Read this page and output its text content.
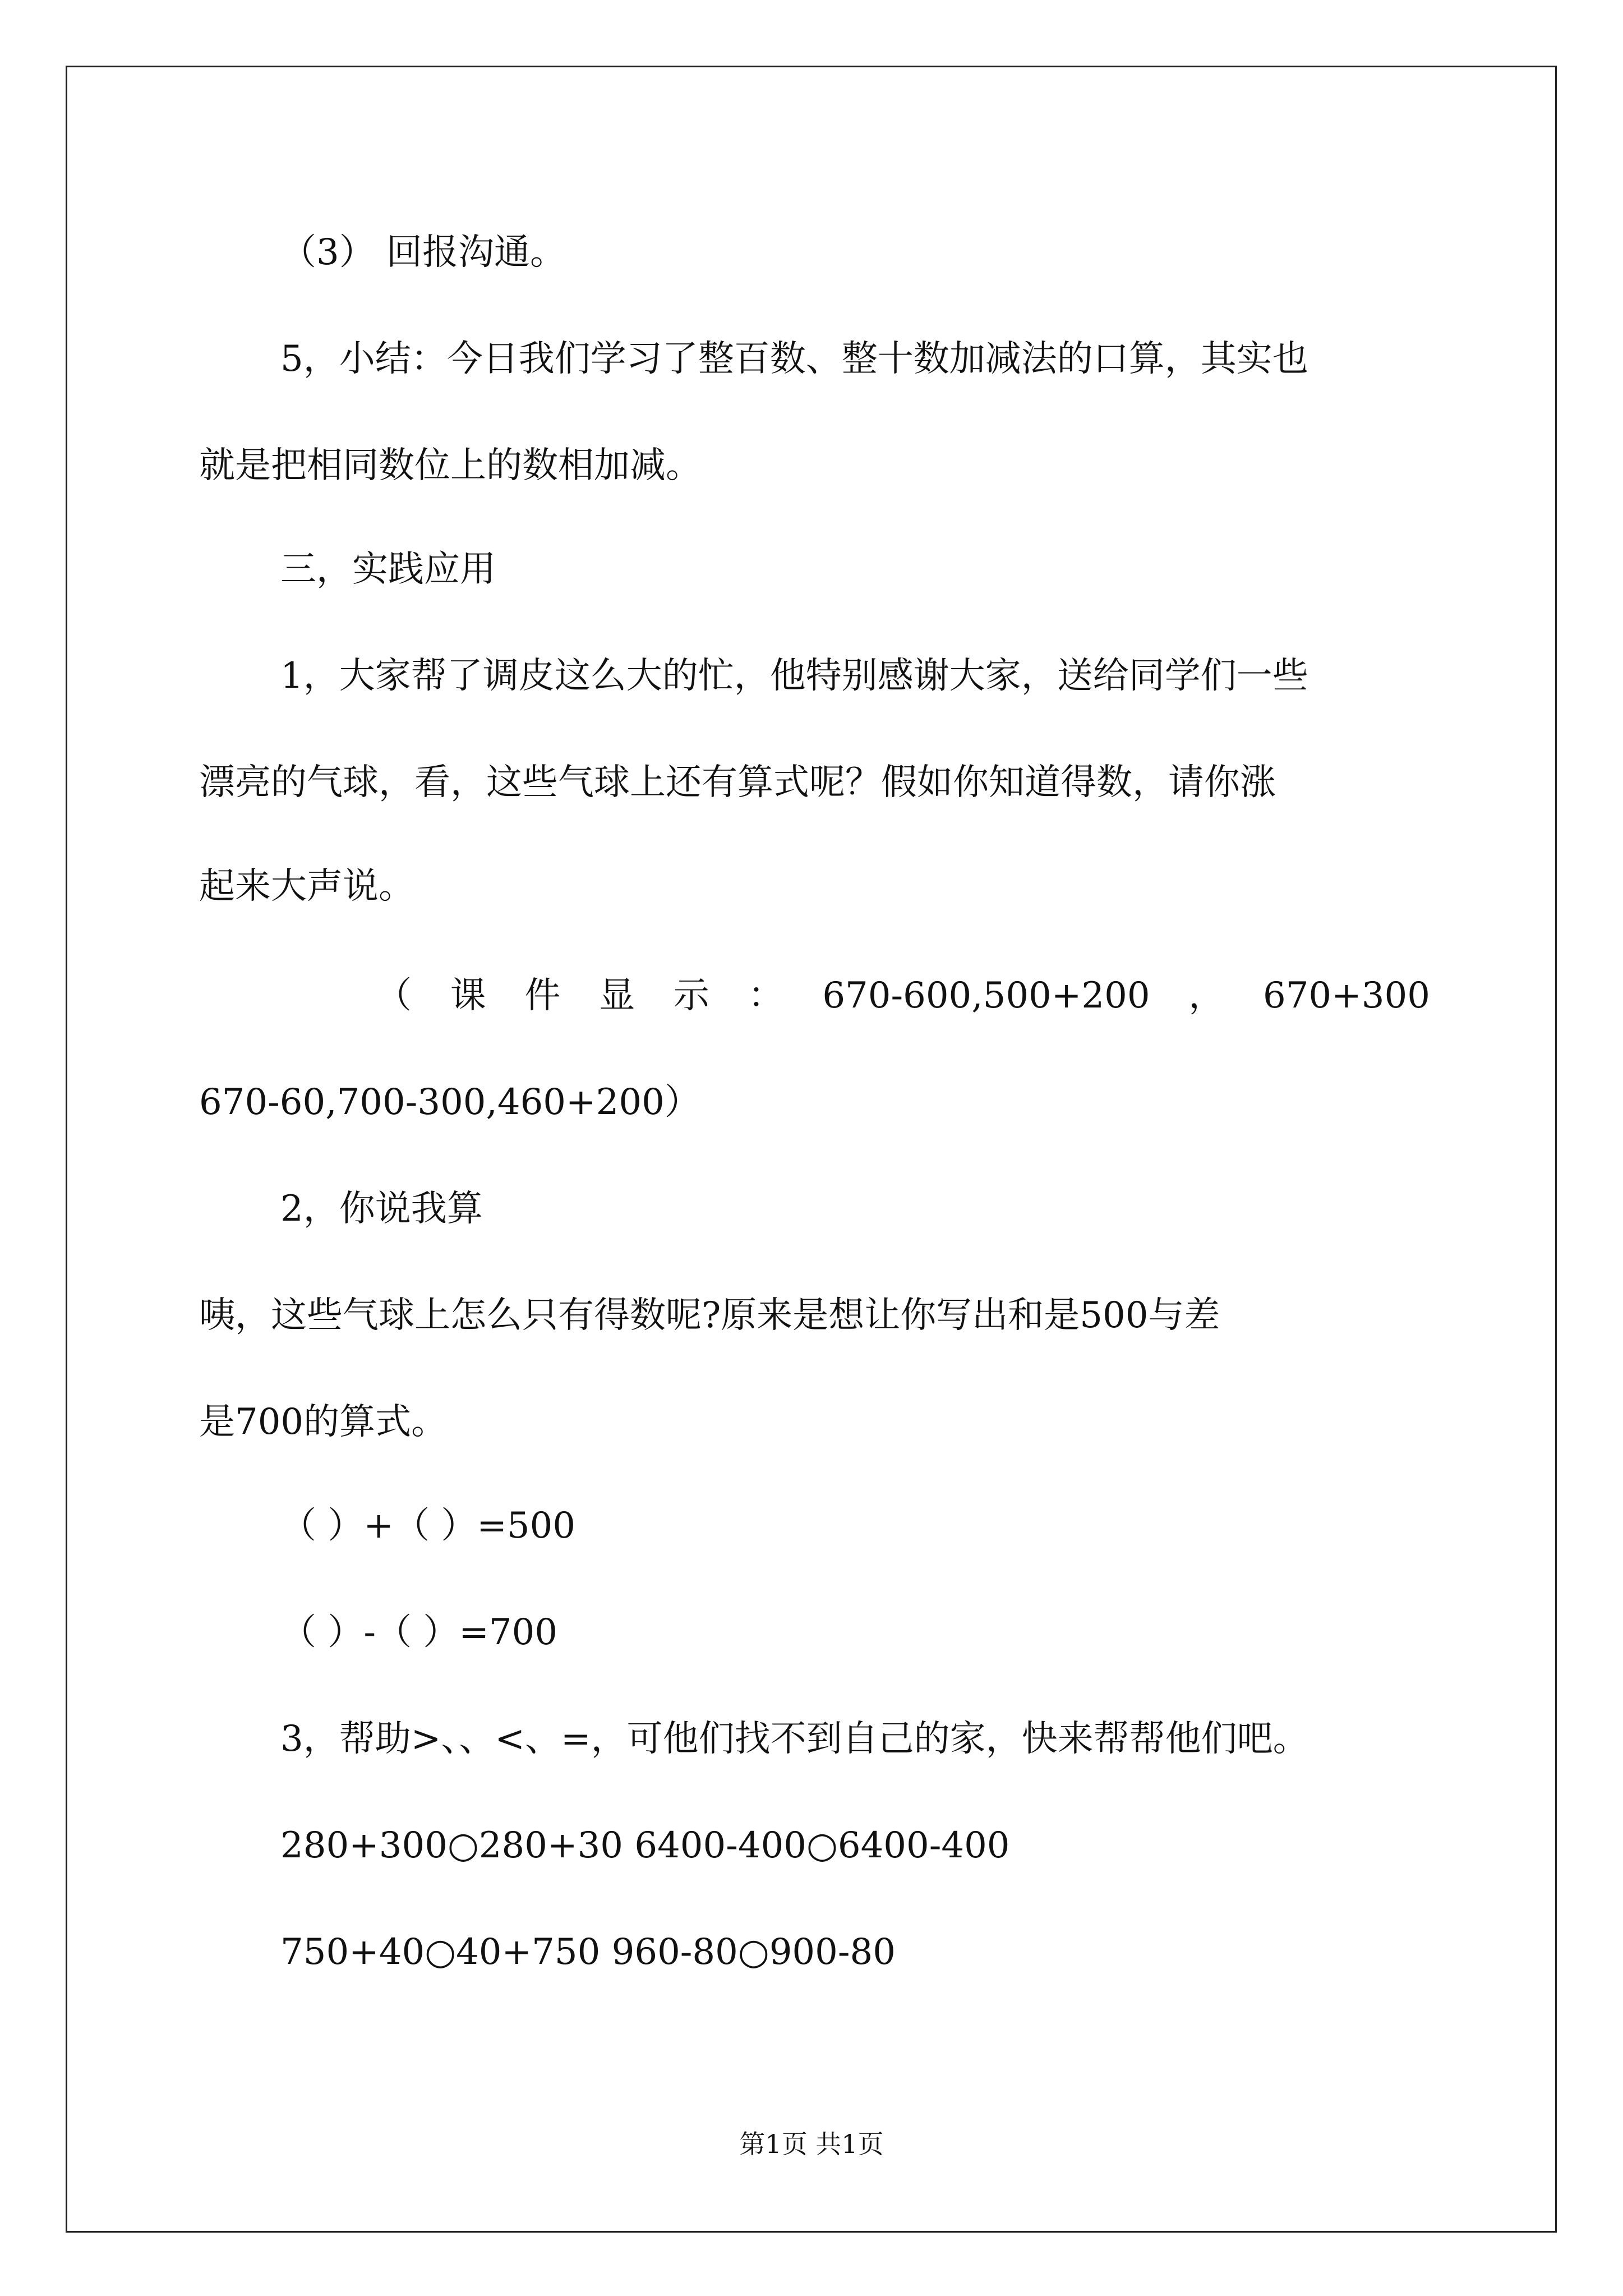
（3） 回报沟通。
5，小结：今日我们学习了整百数、整十数加减法的口算，其实也
就是把相同数位上的数相加减。
三，实践应用
1，大家帮了调皮这么大的忙，他特别感谢大家，送给同学们一些
漂亮的气球，看，这些气球上还有算式呢？假如你知道得数，请你涨
起来大声说。
（ 课 件 显 示 ： 670-600,500+200 ， 670+300
670-60,700-300,460+200）
2，你说我算
咦，这些气球上怎么只有得数呢?原来是想让你写出和是500与差
是700的算式。
（ ）+（ ）=500
（ ）-（ ）=700
3，帮助>、、<、=，可他们找不到自己的家，快来帮帮他们吧。
280+300○280+30 6400-400○6400-400
750+40○40+750 960-80○900-80
第1页 共1页
